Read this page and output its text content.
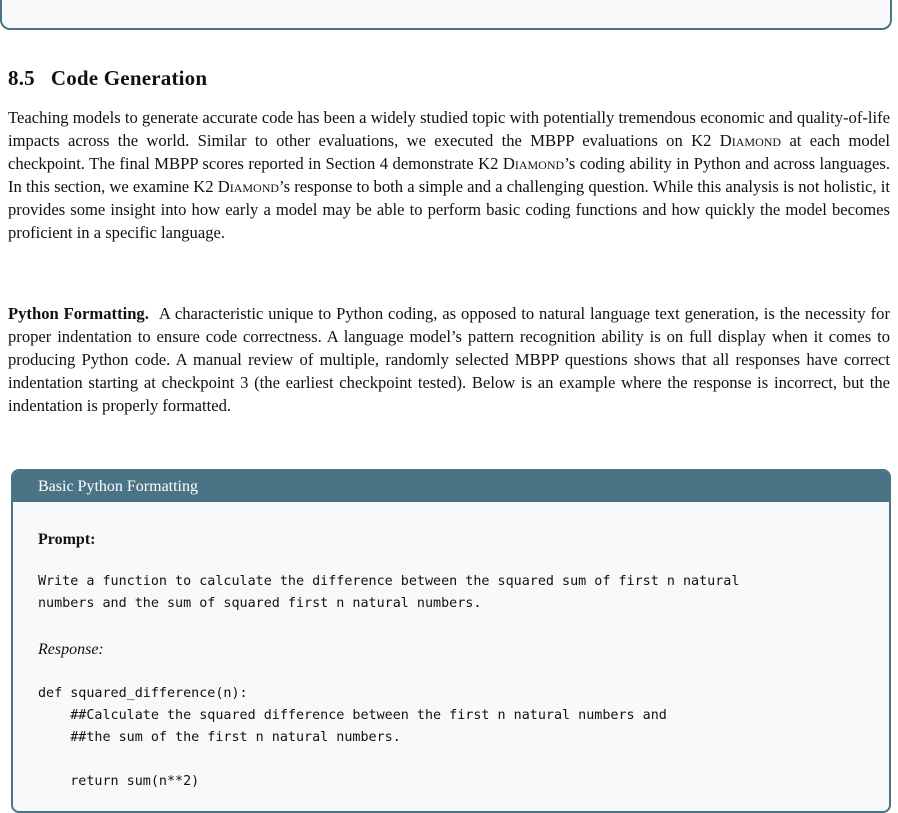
8.5 Code Generation

Teaching models to generate accurate code has been a widely studied topic with potentially tremendous economic and quality-of-life impacts across the world. Similar to other evaluations, we executed the MBPP evaluations on K2 Diamond at each model checkpoint. The final MBPP scores reported in Section 4 demonstrate K2 Diamond’s coding ability in Python and across languages. In this section, we examine K2 Diamond’s response to both a simple and a challenging question. While this analysis is not holistic, it provides some insight into how early a model may be able to perform basic coding functions and how quickly the model becomes proficient in a specific language.

Python Formatting. A characteristic unique to Python coding, as opposed to natural language text generation, is the necessity for proper indentation to ensure code correctness. A language model’s pattern recognition ability is on full display when it comes to producing Python code. A manual review of multiple, randomly selected MBPP questions shows that all responses have correct indentation starting at checkpoint 3 (the earliest checkpoint tested). Below is an example where the response is incorrect, but the indentation is properly formatted.

Basic Python Formatting
Prompt:
Write a function to calculate the difference between the squared sum of first n natural
numbers and the sum of squared first n natural numbers.
Response:
def squared_difference(n):
##Calculate the squared difference between the first n natural numbers and
##the sum of the first n natural numbers.

return sum(n**2)
